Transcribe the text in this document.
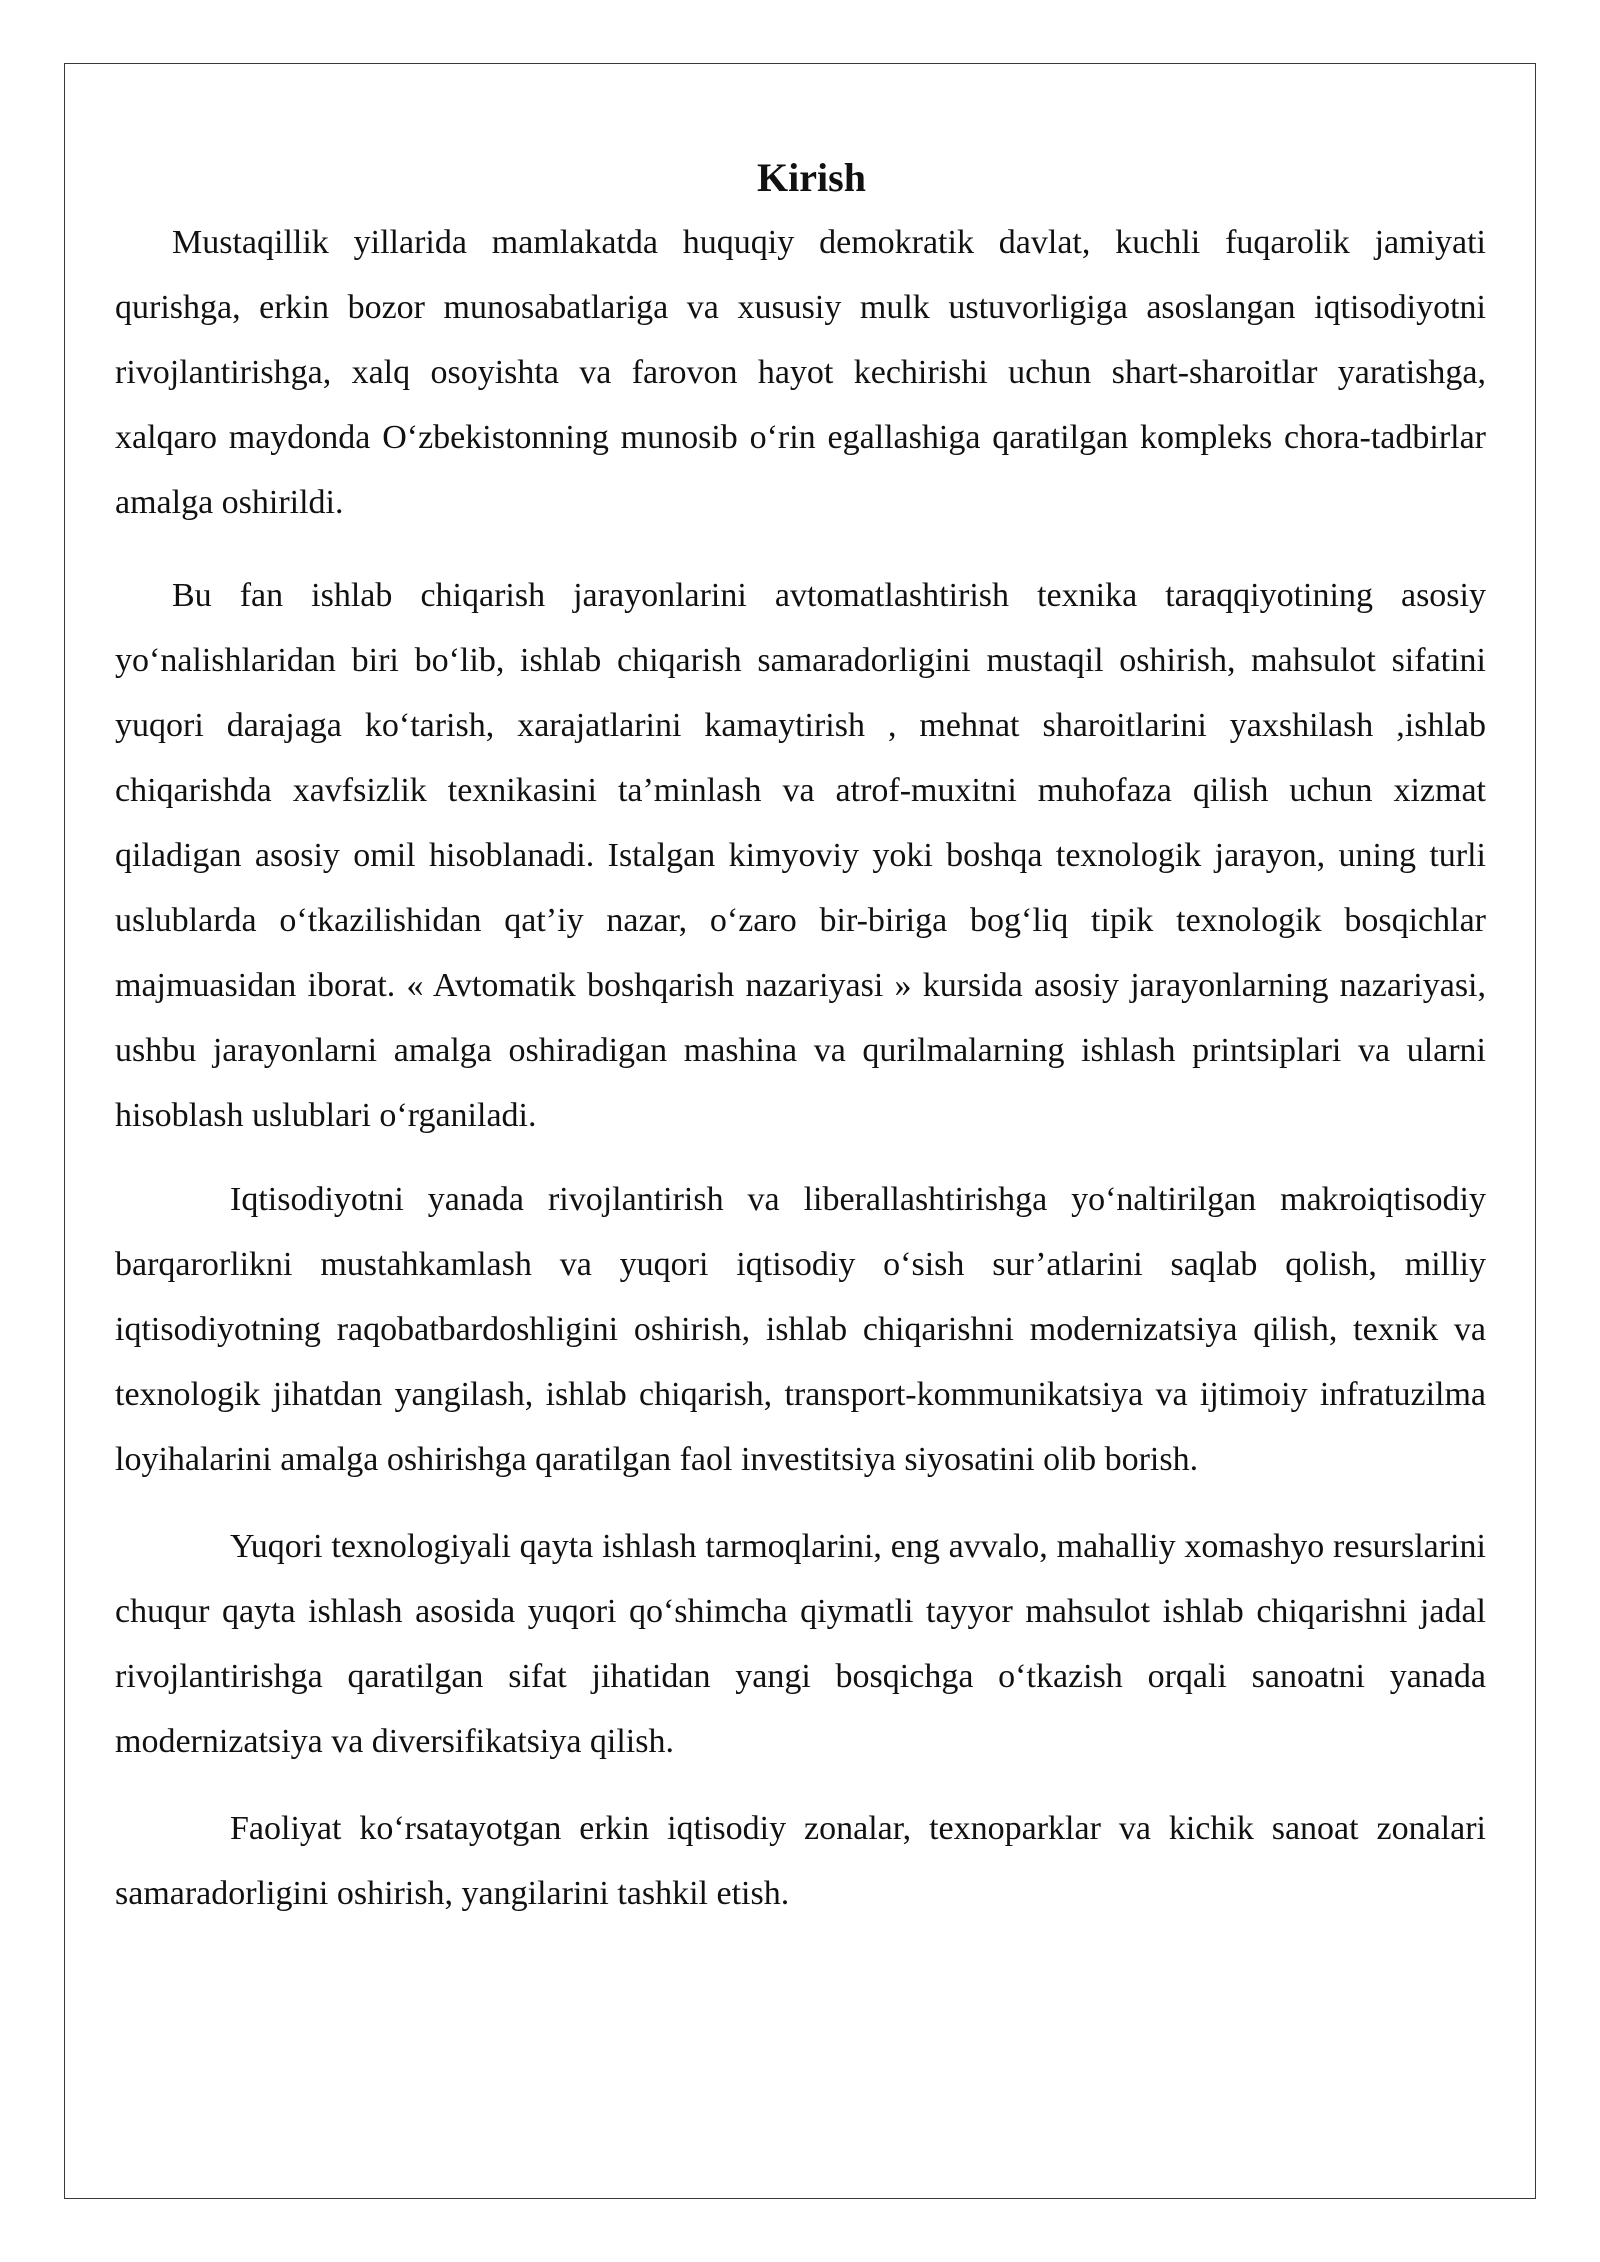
Kirish

Mustaqillik yillarida mamlakatda huquqiy demokratik davlat, kuchli fuqarolik jamiyati qurishga, erkin bozor munosabatlariga va xususiy mulk ustuvorligiga asoslangan iqtisodiyotni rivojlantirishga, xalq osoyishta va farovon hayot kechirishi uchun shart-sharoitlar yaratishga, xalqaro maydonda O‘zbekistonning munosib o‘rin egallashiga qaratilgan kompleks chora-tadbirlar amalga oshirildi.

Bu fan ishlab chiqarish jarayonlarini avtomatlashtirish texnika taraqqiyotining asosiy yo‘nalishlaridan biri bo‘lib, ishlab chiqarish samaradorligini mustaqil oshirish, mahsulot sifatini yuqori darajaga ko‘tarish, xarajatlarini kamaytirish , mehnat sharoitlarini yaxshilash ,ishlab chiqarishda xavfsizlik texnikasini ta’minlash va atrof-muxitni muhofaza qilish uchun xizmat qiladigan asosiy omil hisoblanadi. Istalgan kimyoviy yoki boshqa texnologik jarayon, uning turli uslublarda o‘tkazilishidan qat’iy nazar, o‘zaro bir-biriga bog‘liq tipik texnologik bosqichlar majmuasidan iborat. « Avtomatik boshqarish nazariyasi » kursida asosiy jarayonlarning nazariyasi, ushbu jarayonlarni amalga oshiradigan mashina va qurilmalarning ishlash printsiplari va ularni hisoblash uslublari o‘rganiladi.

Iqtisodiyotni yanada rivojlantirish va liberallashtirishga yo‘naltirilgan makroiqtisodiy barqarorlikni mustahkamlash va yuqori iqtisodiy o‘sish sur’atlarini saqlab qolish, milliy iqtisodiyotning raqobatbardoshligini oshirish, ishlab chiqarishni modernizatsiya qilish, texnik va texnologik jihatdan yangilash, ishlab chiqarish, transport-kommunikatsiya va ijtimoiy infratuzilma loyihalarini amalga oshirishga qaratilgan faol investitsiya siyosatini olib borish.

Yuqori texnologiyali qayta ishlash tarmoqlarini, eng avvalo, mahalliy xomashyo resurslarini chuqur qayta ishlash asosida yuqori qo‘shimcha qiymatli tayyor mahsulot ishlab chiqarishni jadal rivojlantirishga qaratilgan sifat jihatidan yangi bosqichga o‘tkazish orqali sanoatni yanada modernizatsiya va diversifikatsiya qilish.

Faoliyat ko‘rsatayotgan erkin iqtisodiy zonalar, texnoparklar va kichik sanoat zonalari samaradorligini oshirish, yangilarini tashkil etish.
